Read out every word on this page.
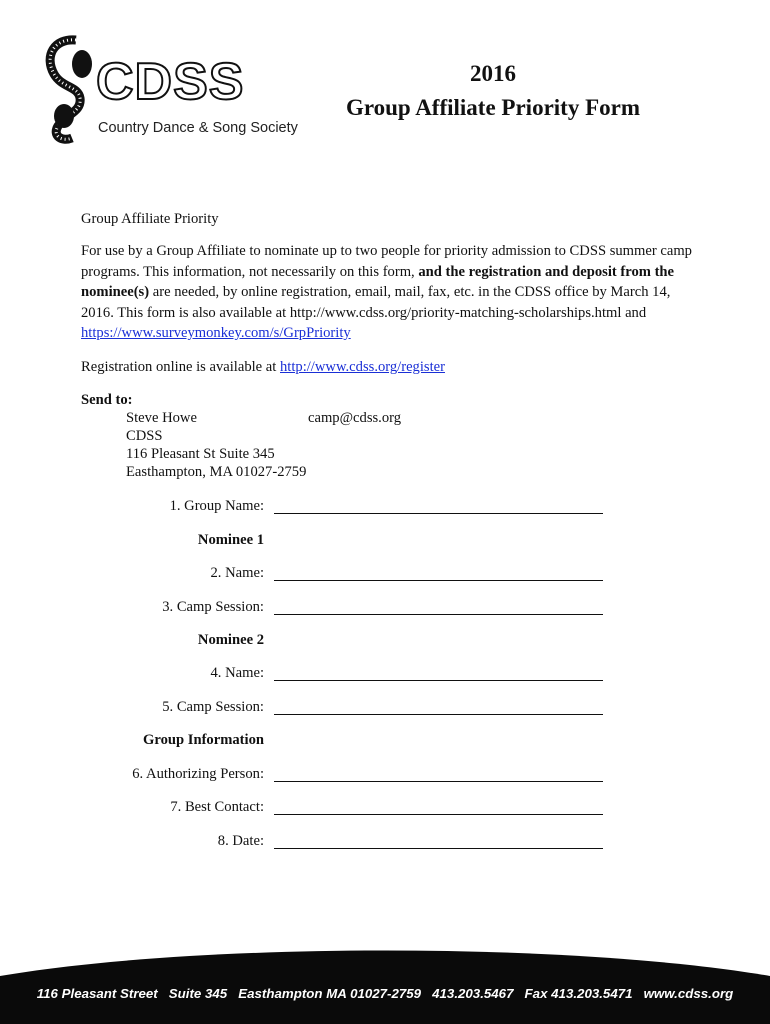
CDSS
Country Dance & Song Society
2016
Group Affiliate Priority Form
Group Affiliate Priority
For use by a Group Affiliate to nominate up to two people for priority admission to CDSS summer camp programs. This information, not necessarily on this form, and the registration and deposit from the nominee(s) are needed, by online registration, email, mail, fax, etc. in the CDSS office by March 14, 2016. This form is also available at http://www.cdss.org/priority-matching-scholarships.html and https://www.surveymonkey.com/s/GrpPriority
Registration online is available at http://www.cdss.org/register
Send to:
Steve Howe	camp@cdss.org
CDSS
116 Pleasant St Suite 345
Easthampton, MA 01027-2759
1. Group Name:
Nominee 1
2. Name:
3. Camp Session:
Nominee 2
4. Name:
5. Camp Session:
Group Information
6. Authorizing Person:
7. Best Contact:
8. Date:
116 Pleasant Street   Suite 345   Easthampton MA 01027-2759   413.203.5467   Fax 413.203.5471   www.cdss.org
